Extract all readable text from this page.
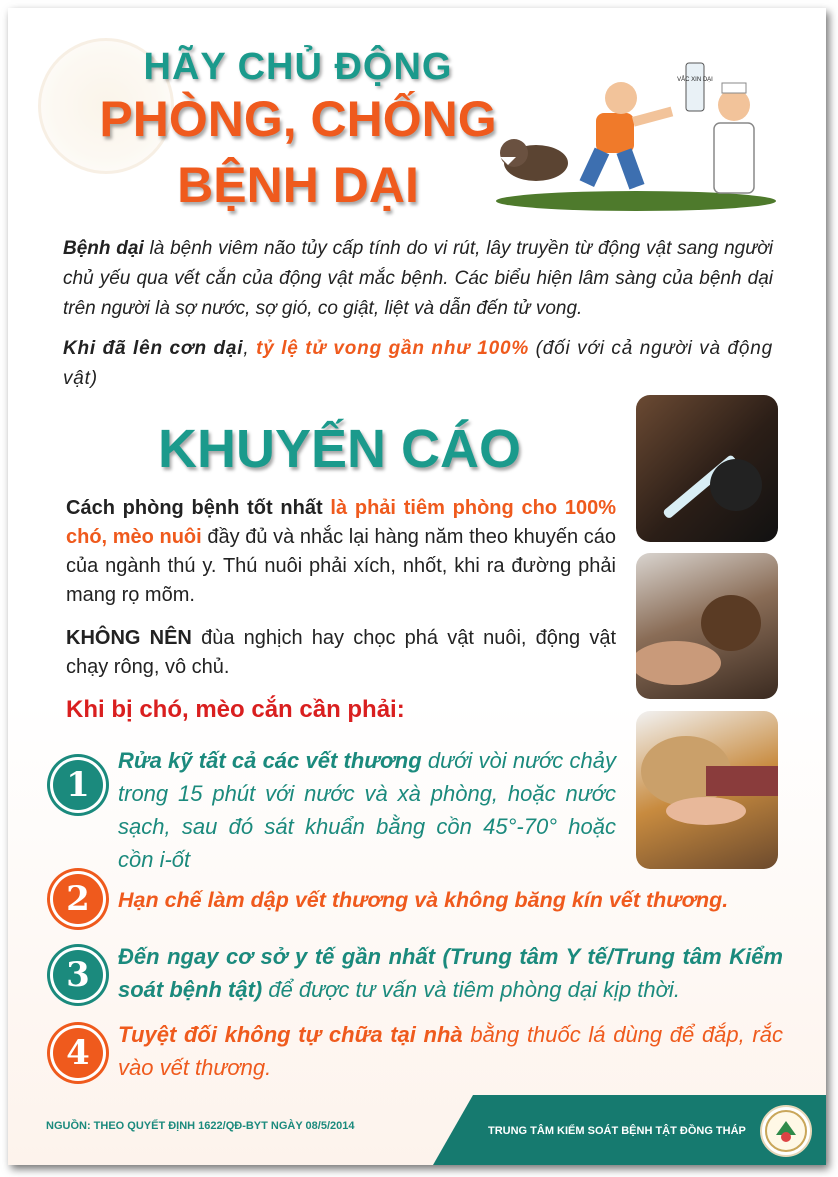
HÃY CHỦ ĐỘNG
PHÒNG, CHỐNG
BỆNH DẠI
VẮC XIN DẠI
Bệnh dại là bệnh viêm não tủy cấp tính do vi rút, lây truyền từ động vật sang người chủ yếu qua vết cắn của động vật mắc bệnh. Các biểu hiện lâm sàng của bệnh dại trên người là sợ nước, sợ gió, co giật, liệt và dẫn đến tử vong.
Khi đã lên cơn dại, tỷ lệ tử vong gần như 100% (đối với cả người và động vật)
KHUYẾN CÁO
Cách phòng bệnh tốt nhất là phải tiêm phòng cho 100% chó, mèo nuôi đầy đủ và nhắc lại hàng năm theo khuyến cáo của ngành thú y. Thú nuôi phải xích, nhốt, khi ra đường phải mang rọ mõm.
KHÔNG NÊN đùa nghịch hay chọc phá vật nuôi, động vật chạy rông, vô chủ.
Khi bị chó, mèo cắn cần phải:
1
Rửa kỹ tất cả các vết thương dưới vòi nước chảy trong 15 phút với nước và xà phòng, hoặc nước sạch, sau đó sát khuẩn bằng cồn 45°-70° hoặc cồn i-ốt
2	Hạn chế làm dập vết thương và không băng kín vết thương.
3	Đến ngay cơ sở y tế gần nhất (Trung tâm Y tế/Trung tâm Kiểm soát bệnh tật) để được tư vấn và tiêm phòng dại kịp thời.
4	Tuyệt đối không tự chữa tại nhà bằng thuốc lá dùng để đắp, rắc vào vết thương.
NGUỒN: THEO QUYẾT ĐỊNH 1622/QĐ-BYT NGÀY 08/5/2014	TRUNG TÂM KIỂM SOÁT BỆNH TẬT ĐỒNG THÁP
